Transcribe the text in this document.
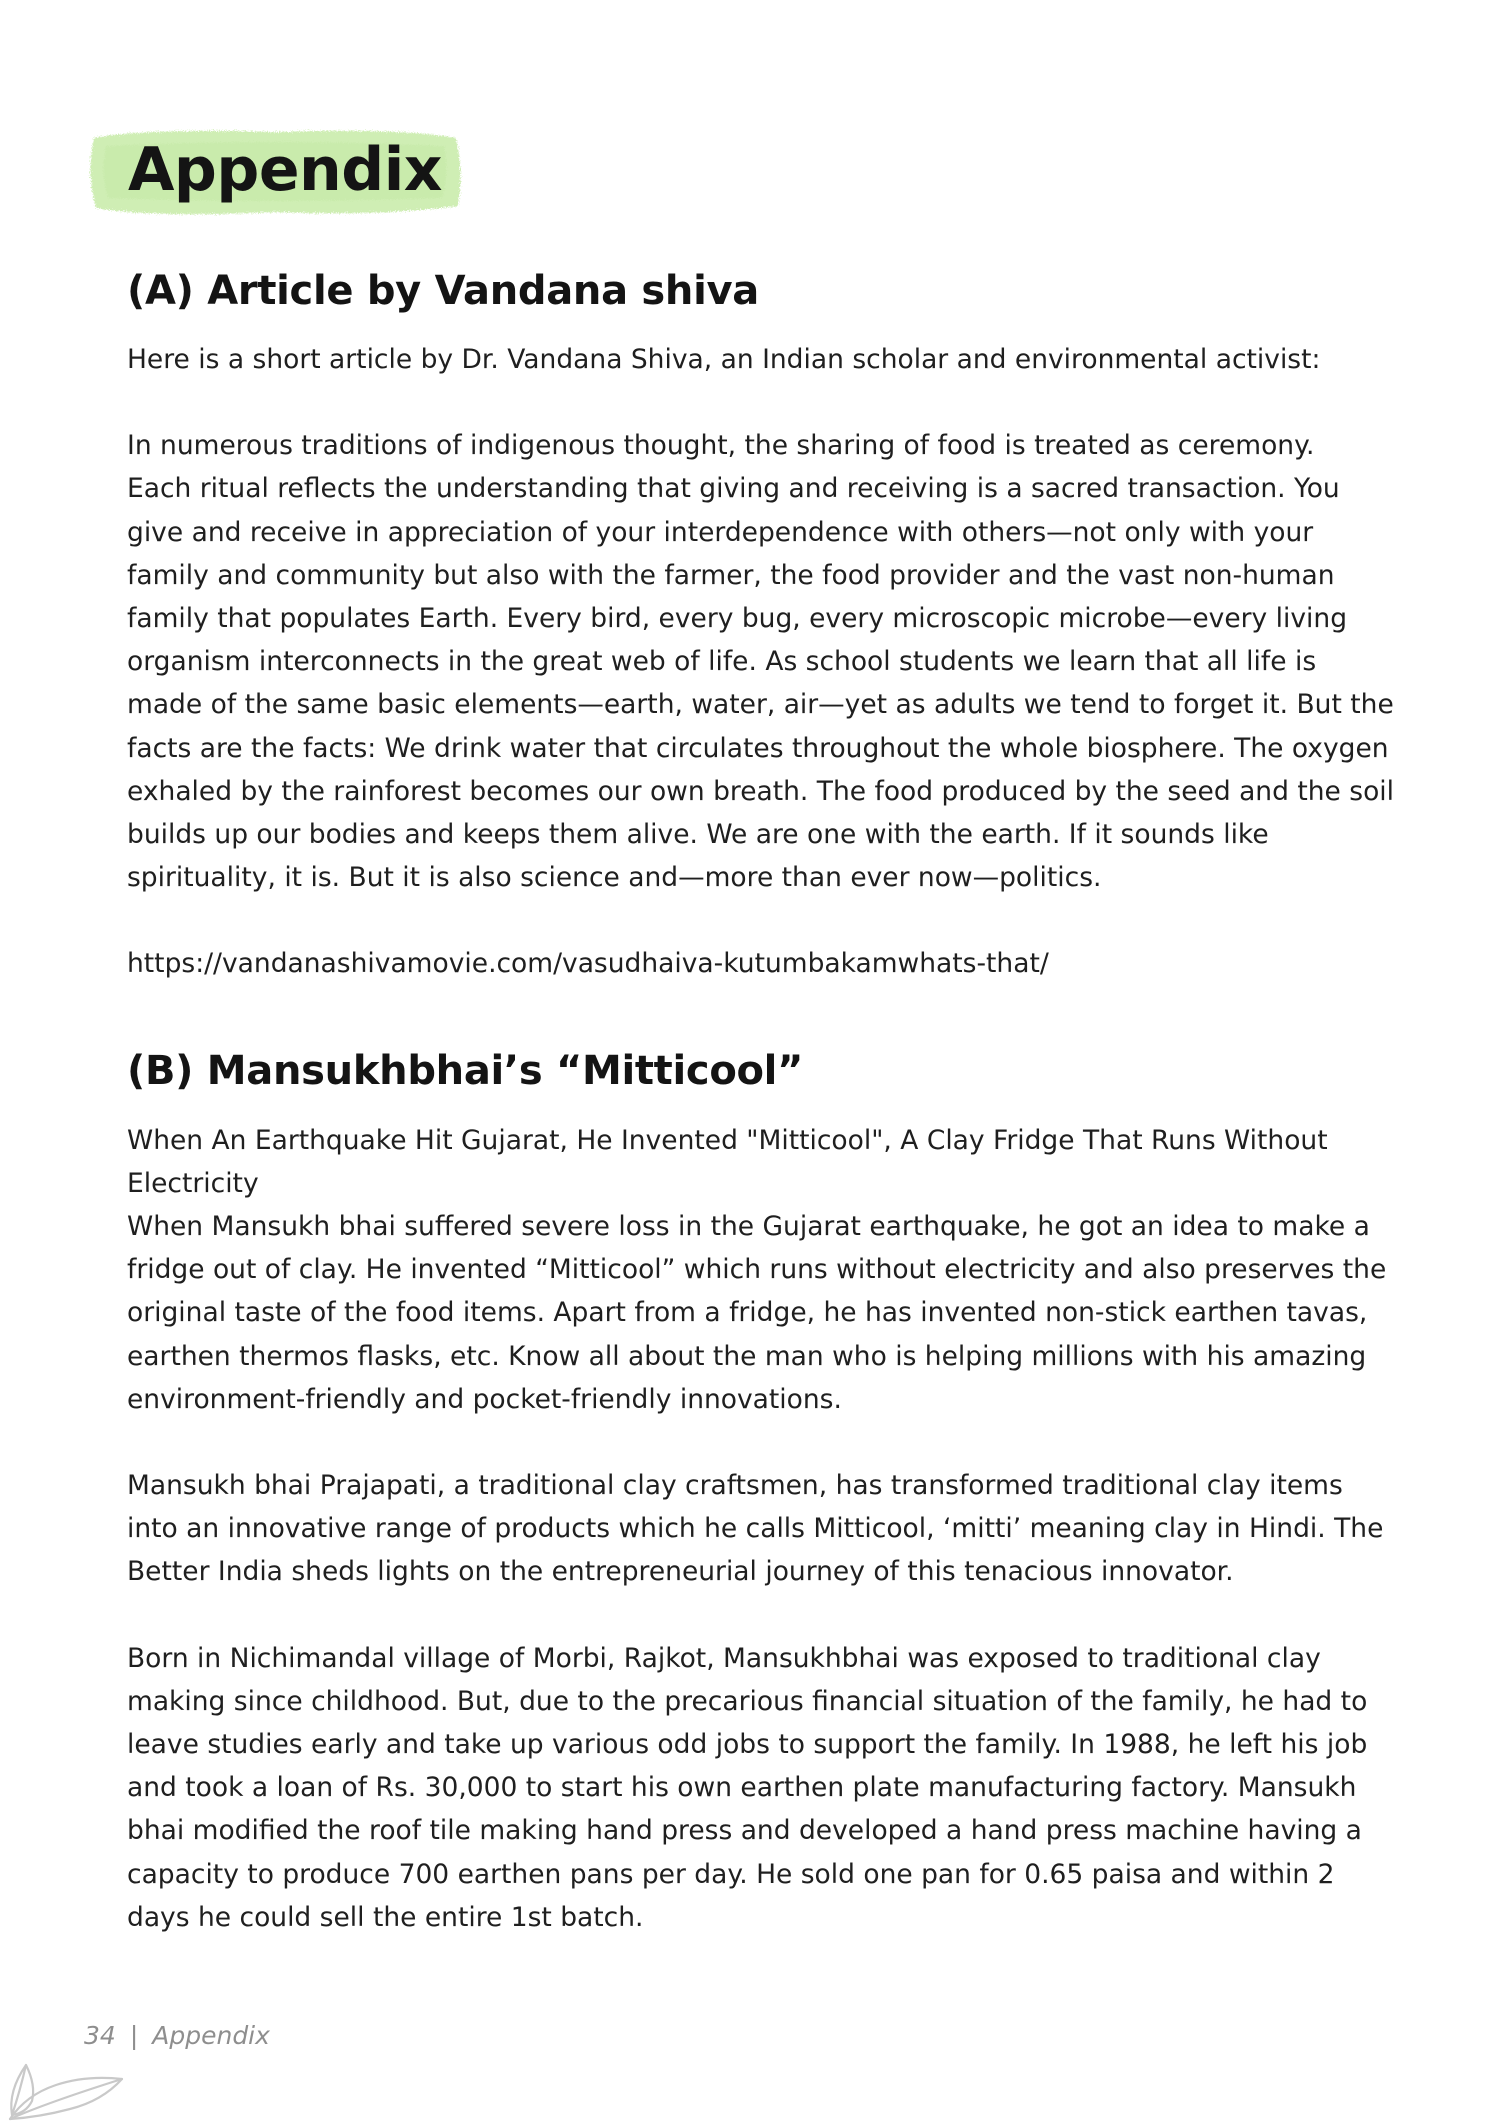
Appendix
(A) Article by Vandana shiva

Here is a short article by Dr. Vandana Shiva, an Indian scholar and environmental activist:

In numerous traditions of indigenous thought, the sharing of food is treated as ceremony.

Each ritual reflects the understanding that giving and receiving is a sacred transaction. You give and receive in appreciation of your interdependence with others—not only with your family and community but also with the farmer, the food provider and the vast non-human family that populates Earth. Every bird, every bug, every microscopic microbe—every living organism interconnects in the great web of life. As school students we learn that all life is made of the same basic elements—earth, water, air—yet as adults we tend to forget it. But the facts are the facts: We drink water that circulates throughout the whole biosphere. The oxygen exhaled by the rainforest becomes our own breath. The food produced by the seed and the soil builds up our bodies and keeps them alive. We are one with the earth. If it sounds like spirituality, it is. But it is also science and—more than ever now—politics.

https://vandanashivamovie.com/vasudhaiva-kutumbakamwhats-that/

(B) Mansukhbhai’s “Mitticool”

When An Earthquake Hit Gujarat, He Invented "Mitticool", A Clay Fridge That Runs Without Electricity

When Mansukh bhai suffered severe loss in the Gujarat earthquake, he got an idea to make a fridge out of clay. He invented “Mitticool” which runs without electricity and also preserves the original taste of the food items. Apart from a fridge, he has invented non-stick earthen tavas, earthen thermos flasks, etc. Know all about the man who is helping millions with his amazing environment-friendly and pocket-friendly innovations.

Mansukh bhai Prajapati, a traditional clay craftsmen, has transformed traditional clay items into an innovative range of products which he calls Mitticool, ‘mitti’ meaning clay in Hindi. The Better India sheds lights on the entrepreneurial journey of this tenacious innovator.

Born in Nichimandal village of Morbi, Rajkot, Mansukhbhai was exposed to traditional clay making since childhood. But, due to the precarious financial situation of the family, he had to leave studies early and take up various odd jobs to support the family. In 1988, he left his job and took a loan of Rs. 30,000 to start his own earthen plate manufacturing factory. Mansukh bhai modified the roof tile making hand press and developed a hand press machine having a capacity to produce 700 earthen pans per day. He sold one pan for 0.65 paisa and within 2 days he could sell the entire 1st batch.

34 | Appendix
